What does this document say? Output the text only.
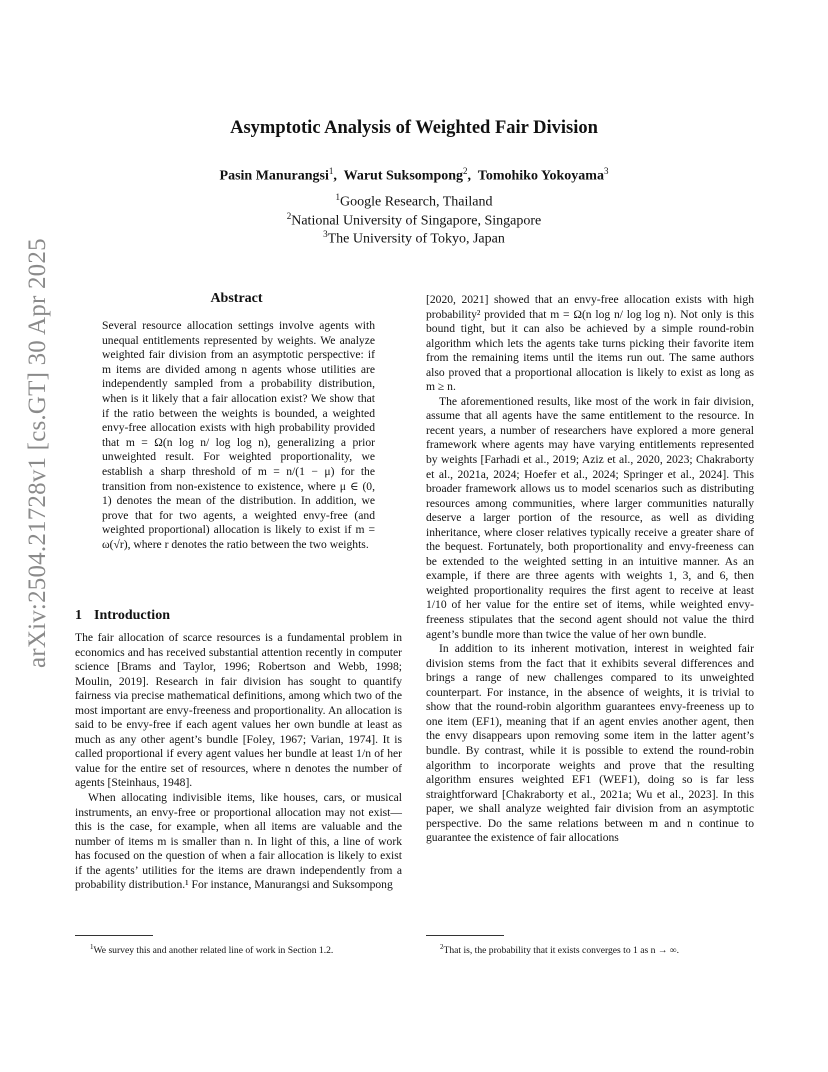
arXiv:2504.21728v1 [cs.GT] 30 Apr 2025
Asymptotic Analysis of Weighted Fair Division
Pasin Manurangsi$^1$,  Warut Suksompong$^2$,  Tomohiko Yokoyama$^3$
$^1$Google Research, Thailand
$^2$National University of Singapore, Singapore
$^3$The University of Tokyo, Japan
Abstract
Several resource allocation settings involve agents with unequal entitlements represented by weights. We analyze weighted fair division from an asymptotic perspective: if m items are divided among n agents whose utilities are independently sampled from a probability distribution, when is it likely that a fair allocation exist? We show that if the ratio between the weights is bounded, a weighted envy-free allocation exists with high probability provided that m = Ω(n log n/ log log n), generalizing a prior unweighted result. For weighted proportionality, we establish a sharp threshold of m = n/(1 − μ) for the transition from non-existence to existence, where μ ∈ (0, 1) denotes the mean of the distribution. In addition, we prove that for two agents, a weighted envy-free (and weighted proportional) allocation is likely to exist if m = ω(√r), where r denotes the ratio between the two weights.
1 Introduction

The fair allocation of scarce resources is a fundamental problem in economics and has received substantial attention recently in computer science [Brams and Taylor, 1996; Robertson and Webb, 1998; Moulin, 2019]. Research in fair division has sought to quantify fairness via precise mathematical definitions, among which two of the most important are envy-freeness and proportionality. An allocation is said to be envy-free if each agent values her own bundle at least as much as any other agent’s bundle [Foley, 1967; Varian, 1974]. It is called proportional if every agent values her bundle at least 1/n of her value for the entire set of resources, where n denotes the number of agents [Steinhaus, 1948].

When allocating indivisible items, like houses, cars, or musical instruments, an envy-free or proportional allocation may not exist—this is the case, for example, when all items are valuable and the number of items m is smaller than n. In light of this, a line of work has focused on the question of when a fair allocation is likely to exist if the agents’ utilities for the items are drawn independently from a probability distribution.¹ For instance, Manurangsi and Suksompong

$^1$We survey this and another related line of work in Section 1.2.

[2020, 2021] showed that an envy-free allocation exists with high probability² provided that m = Ω(n log n/ log log n). Not only is this bound tight, but it can also be achieved by a simple round-robin algorithm which lets the agents take turns picking their favorite item from the remaining items until the items run out. The same authors also proved that a proportional allocation is likely to exist as long as m ≥ n.

The aforementioned results, like most of the work in fair division, assume that all agents have the same entitlement to the resource. In recent years, a number of researchers have explored a more general framework where agents may have varying entitlements represented by weights [Farhadi et al., 2019; Aziz et al., 2020, 2023; Chakraborty et al., 2021a, 2024; Hoefer et al., 2024; Springer et al., 2024]. This broader framework allows us to model scenarios such as distributing resources among communities, where larger communities naturally deserve a larger portion of the resource, as well as dividing inheritance, where closer relatives typically receive a greater share of the bequest. Fortunately, both proportionality and envy-freeness can be extended to the weighted setting in an intuitive manner. As an example, if there are three agents with weights 1, 3, and 6, then weighted proportionality requires the first agent to receive at least 1/10 of her value for the entire set of items, while weighted envy-freeness stipulates that the second agent should not value the third agent’s bundle more than twice the value of her own bundle.

In addition to its inherent motivation, interest in weighted fair division stems from the fact that it exhibits several differences and brings a range of new challenges compared to its unweighted counterpart. For instance, in the absence of weights, it is trivial to show that the round-robin algorithm guarantees envy-freeness up to one item (EF1), meaning that if an agent envies another agent, then the envy disappears upon removing some item in the latter agent’s bundle. By contrast, while it is possible to extend the round-robin algorithm to incorporate weights and prove that the resulting algorithm ensures weighted EF1 (WEF1), doing so is far less straightforward [Chakraborty et al., 2021a; Wu et al., 2023]. In this paper, we shall analyze weighted fair division from an asymptotic perspective. Do the same relations between m and n continue to guarantee the existence of fair allocations

$^2$That is, the probability that it exists converges to 1 as n → ∞.
